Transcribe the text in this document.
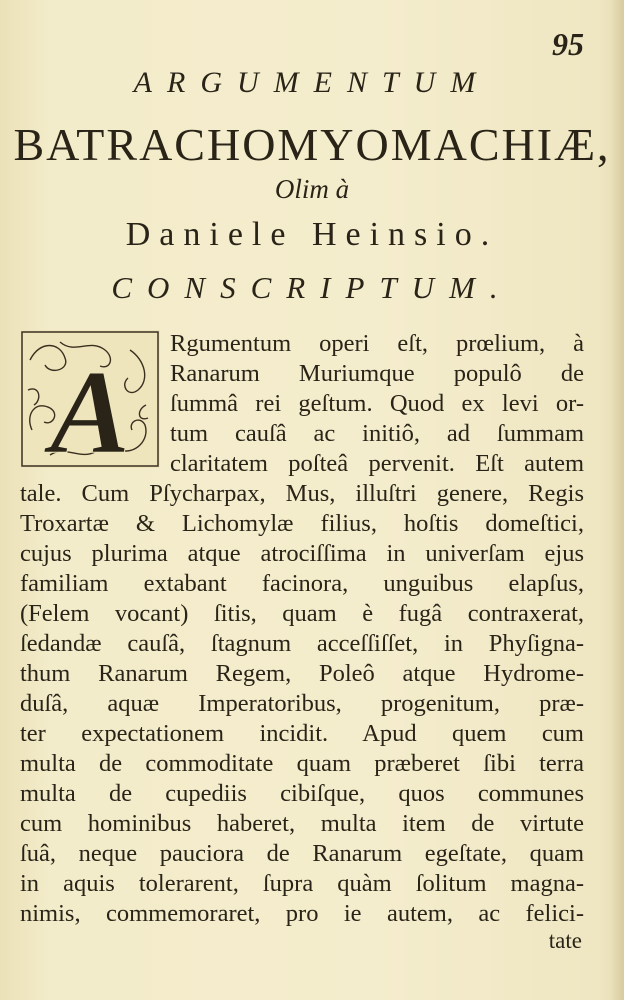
95
ARGUMENTUM
BATRACHOMYOMACHIÆ,
Olim à
Daniele Heinsio.
CONSCRIPTUM.
A
Rgumentum operi eſt, prœlium, à
Ranarum Muriumque populô de
ſummâ rei geſtum. Quod ex levi or-
tum cauſâ ac initiô, ad ſummam
claritatem poſteâ pervenit. Eſt autem
tale. Cum Pſycharpax, Mus, illuſtri genere, Regis
Troxartæ & Lichomylæ filius, hoſtis domeſtici,
cujus plurima atque atrociſſima in univerſam ejus
familiam extabant facinora, unguibus elapſus,
(Felem vocant) ſitis, quam è fugâ contraxerat,
ſedandæ cauſâ, ſtagnum acceſſiſſet, in Phyſigna-
thum Ranarum Regem, Poleô atque Hydrome-
duſâ, aquæ Imperatoribus, progenitum, præ-
ter expectationem incidit. Apud quem cum
multa de commoditate quam præberet ſibi terra
multa de cupediis cibiſque, quos communes
cum hominibus haberet, multa item de virtute
ſuâ, neque pauciora de Ranarum egeſtate, quam
in aquis tolerarent, ſupra quàm ſolitum magna-
nimis, commemoraret, pro ie autem, ac felici-
tate
